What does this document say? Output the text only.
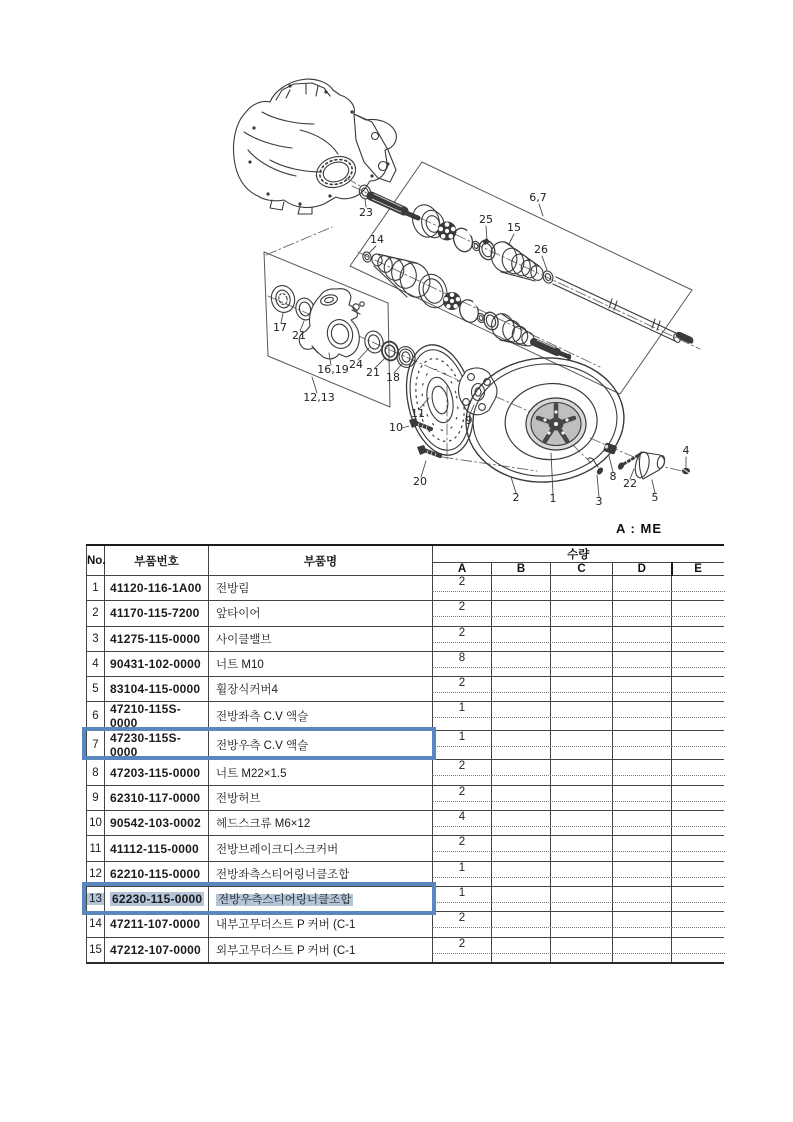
23
14
25
15
26
6,7
17
21
16,19 24
21 18
12,13
11
10
9
20
2	1	3
8
22
5
4
A : ME
No.	부품번호	부품명	수량				
			A	B	C	D	E
1	41120-116-1A00	전방림	2				

2	41170-115-7200	앞타이어	2				

3	41275-115-0000	사이클밸브	2				

4	90431-102-0000	너트 M10	8				

5	83104-115-0000	휠장식커버4	2				

6	47210-115S-0000	전방좌측 C.V 액슬	1				

7	47230-115S-0000	전방우측 C.V 액슬	1				

8	47203-115-0000	너트 M22×1.5	2				

9	62310-117-0000	전방허브	2				

10	90542-103-0002	헤드스크류 M6×12	4				

11	41112-115-0000	전방브레이크디스크커버	2				

12	62210-115-0000	전방좌측스티어링너클조합	1				

13	62230-115-0000	전방우측스티어링너클조합	1				

14	47211-107-0000	내부고무더스트 P 커버 (C-1	2				

15	47212-107-0000	외부고무더스트 P 커버 (C-1	2				
